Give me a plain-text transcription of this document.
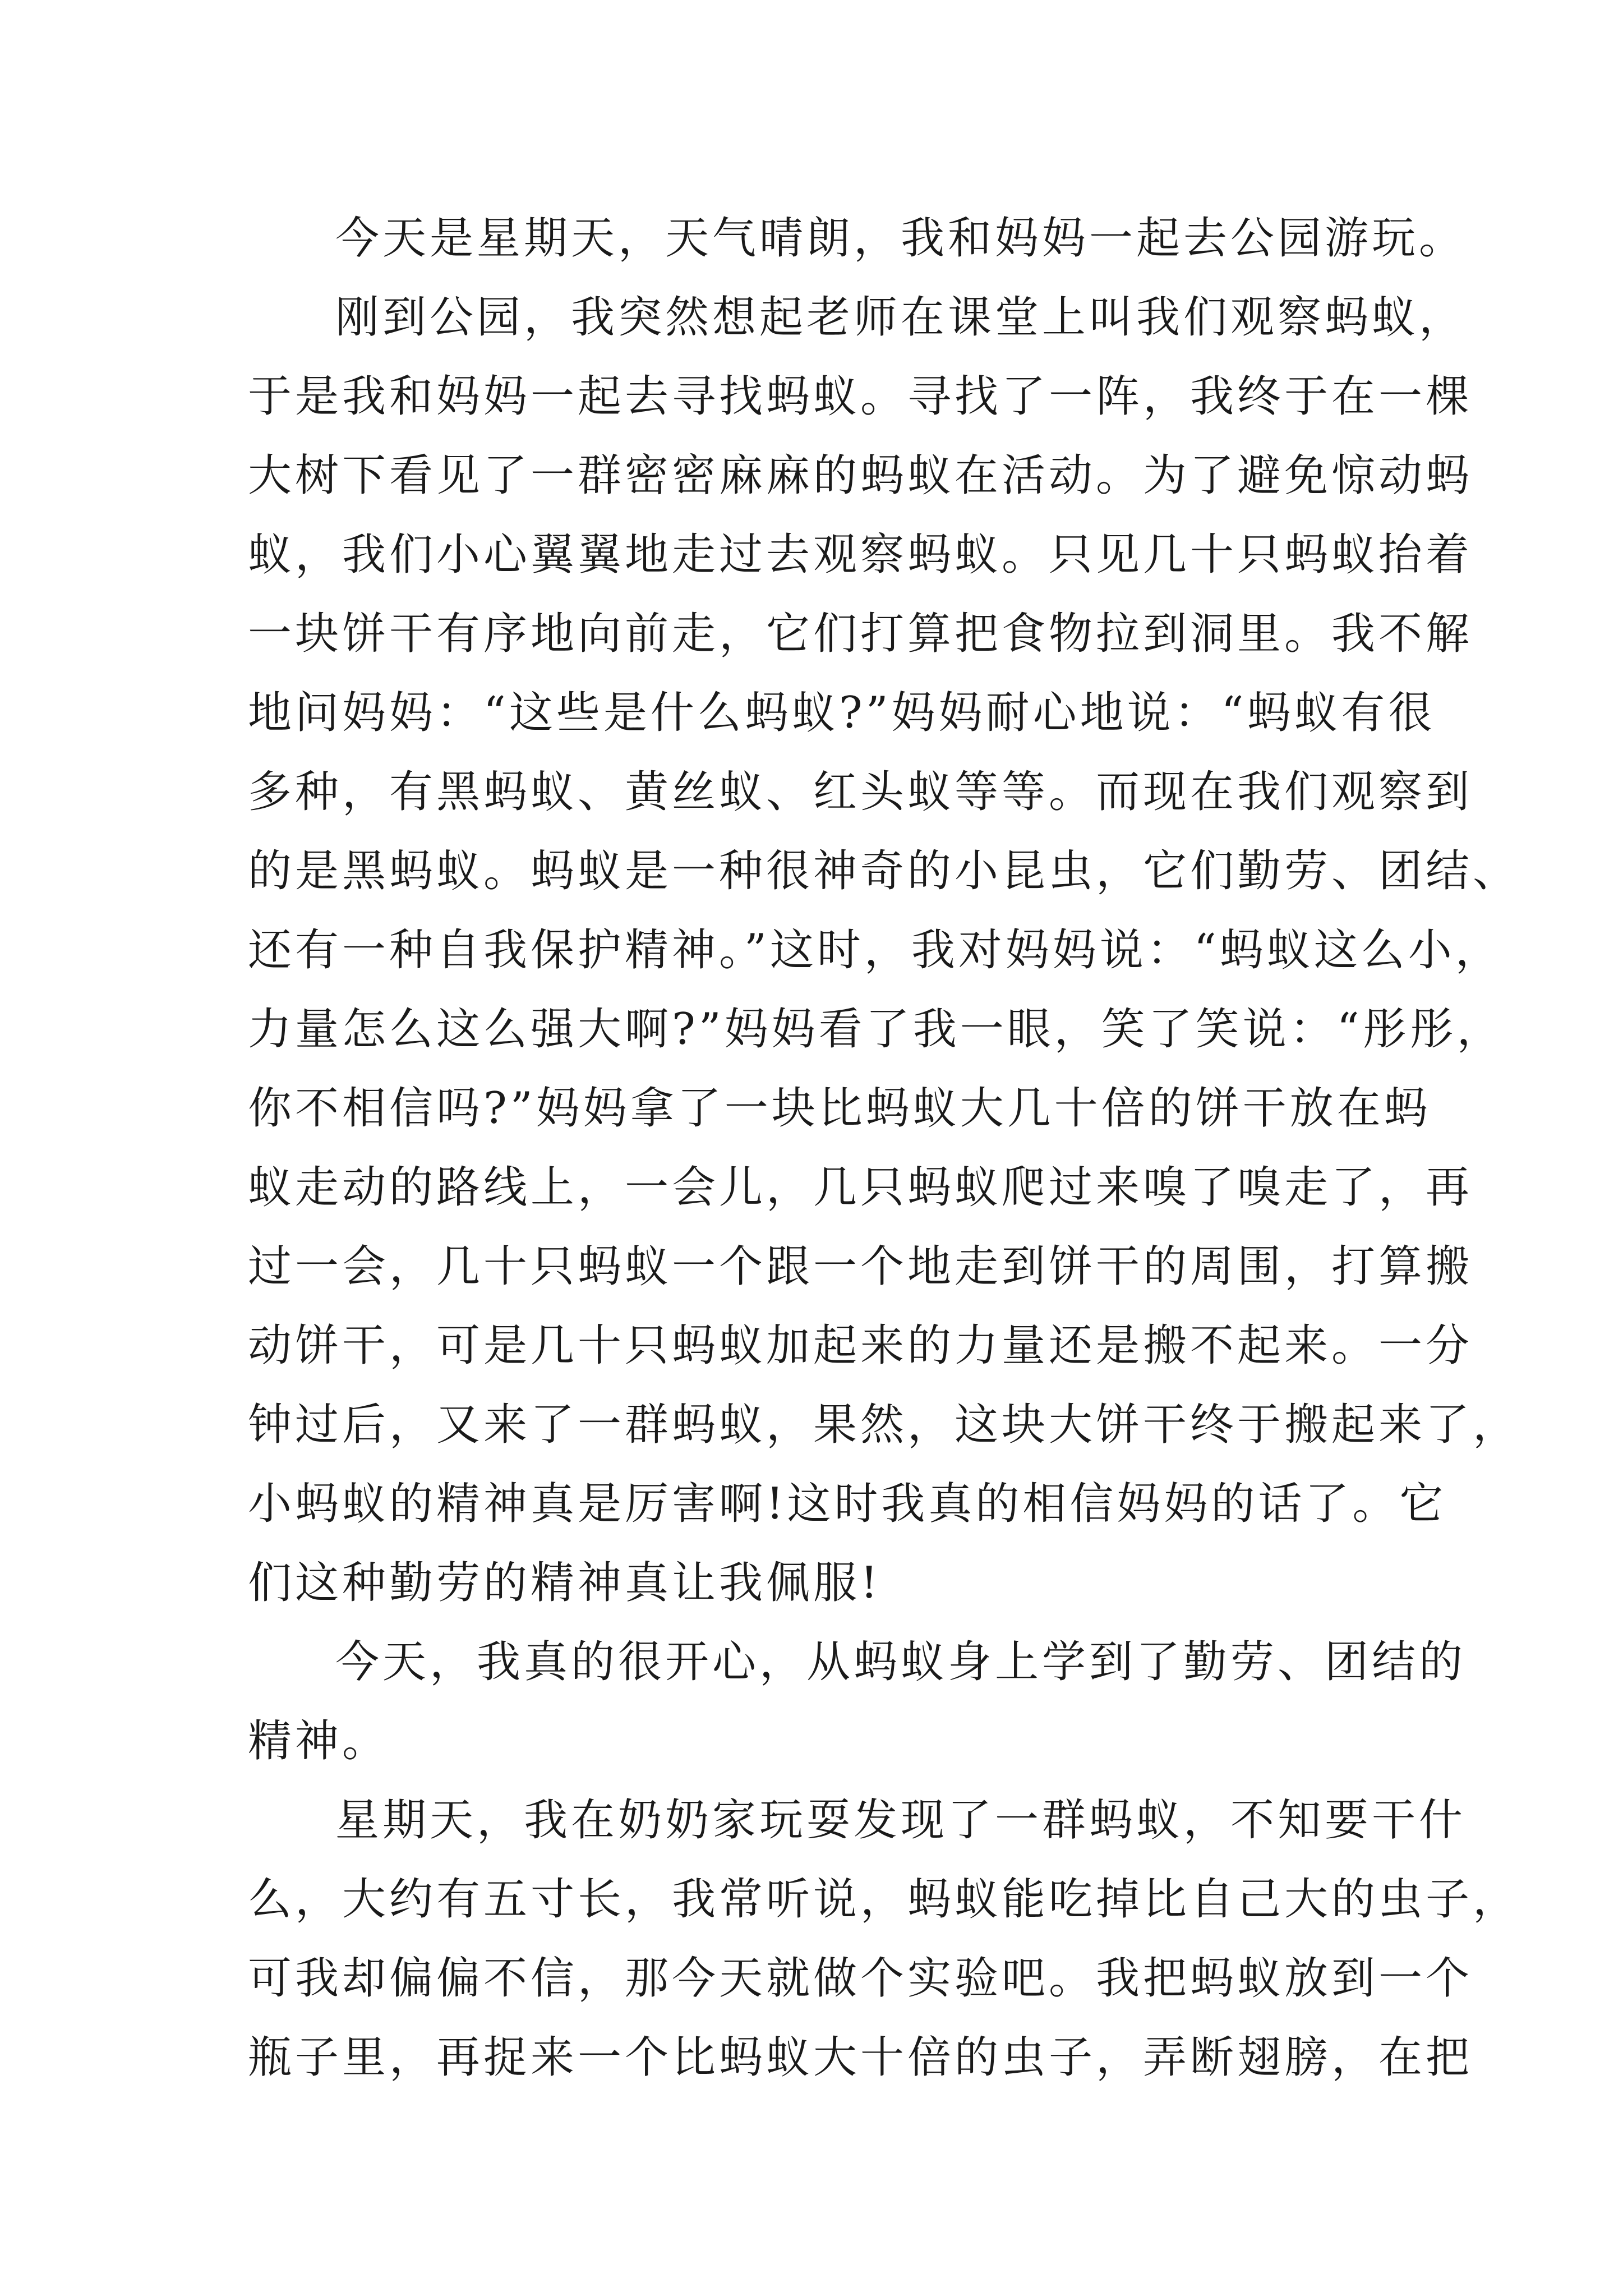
今天是星期天，天气晴朗，我和妈妈一起去公园游玩。
刚到公园，我突然想起老师在课堂上叫我们观察蚂蚁，
于是我和妈妈一起去寻找蚂蚁。寻找了一阵，我终于在一棵
大树下看见了一群密密麻麻的蚂蚁在活动。为了避免惊动蚂
蚁，我们小心翼翼地走过去观察蚂蚁。只见几十只蚂蚁抬着
一块饼干有序地向前走，它们打算把食物拉到洞里。我不解
地问妈妈：“这些是什么蚂蚁?”妈妈耐心地说：“蚂蚁有很
多种，有黑蚂蚁、黄丝蚁、红头蚁等等。而现在我们观察到
的是黑蚂蚁。蚂蚁是一种很神奇的小昆虫，它们勤劳、团结、
还有一种自我保护精神。”这时，我对妈妈说：“蚂蚁这么小，
力量怎么这么强大啊?”妈妈看了我一眼，笑了笑说：“彤彤，
你不相信吗?”妈妈拿了一块比蚂蚁大几十倍的饼干放在蚂
蚁走动的路线上，一会儿，几只蚂蚁爬过来嗅了嗅走了，再
过一会，几十只蚂蚁一个跟一个地走到饼干的周围，打算搬
动饼干，可是几十只蚂蚁加起来的力量还是搬不起来。一分
钟过后，又来了一群蚂蚁，果然，这块大饼干终于搬起来了，
小蚂蚁的精神真是厉害啊!这时我真的相信妈妈的话了。它
们这种勤劳的精神真让我佩服!
今天，我真的很开心，从蚂蚁身上学到了勤劳、团结的
精神。
星期天，我在奶奶家玩耍发现了一群蚂蚁，不知要干什
么，大约有五寸长，我常听说，蚂蚁能吃掉比自己大的虫子，
可我却偏偏不信，那今天就做个实验吧。我把蚂蚁放到一个
瓶子里，再捉来一个比蚂蚁大十倍的虫子，弄断翅膀，在把
